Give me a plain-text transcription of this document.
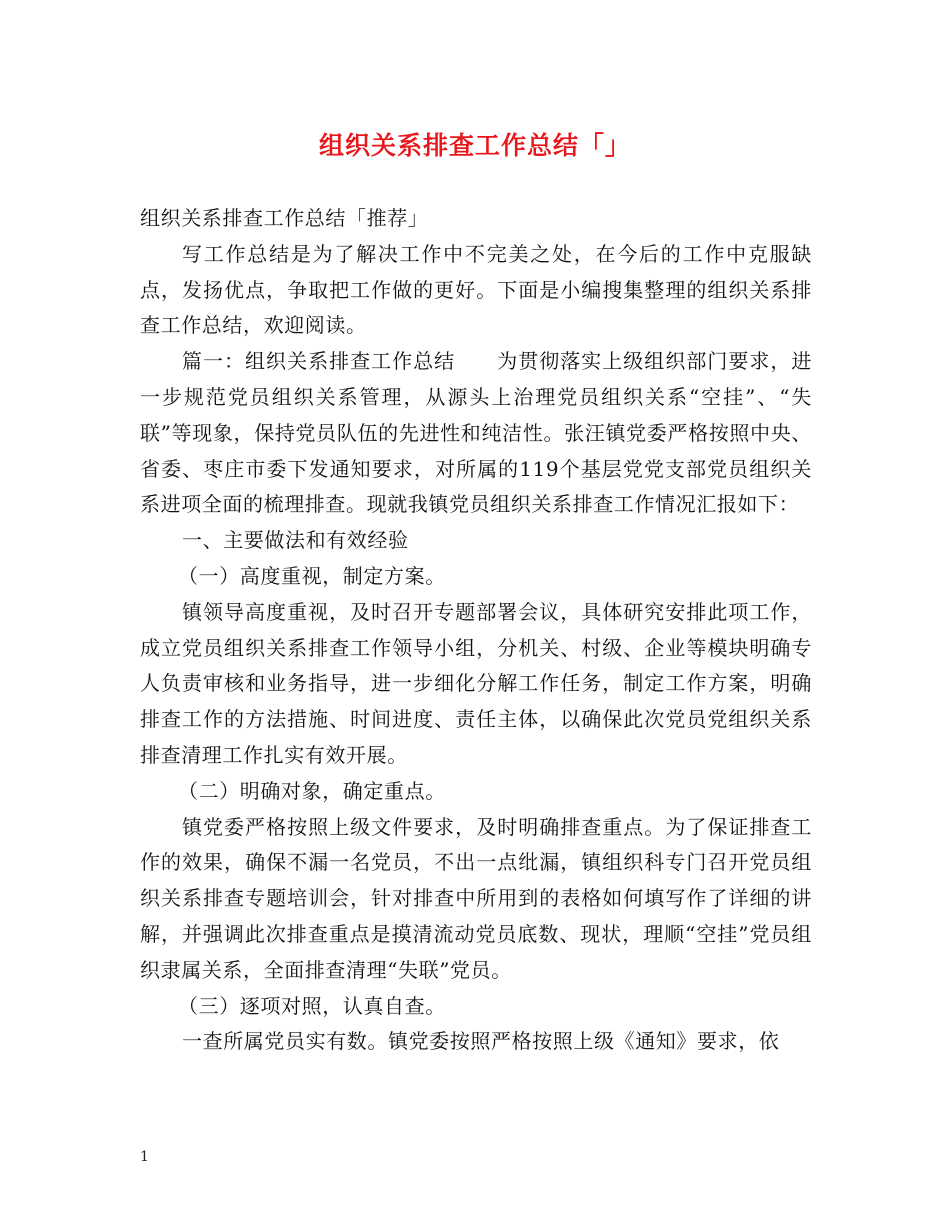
组织关系排查工作总结「」

组织关系排查工作总结「推荐」

写工作总结是为了解决工作中不完美之处，在今后的工作中克服缺点，发扬优点，争取把工作做的更好。下面是小编搜集整理的组织关系排查工作总结，欢迎阅读。

篇一：组织关系排查工作总结　　为贯彻落实上级组织部门要求，进一步规范党员组织关系管理，从源头上治理党员组织关系“空挂”、“失联”等现象，保持党员队伍的先进性和纯洁性。张汪镇党委严格按照中央、省委、枣庄市委下发通知要求，对所属的119个基层党党支部党员组织关系进项全面的梳理排查。现就我镇党员组织关系排查工作情况汇报如下：

一、主要做法和有效经验

（一）高度重视，制定方案。

镇领导高度重视，及时召开专题部署会议，具体研究安排此项工作，成立党员组织关系排查工作领导小组，分机关、村级、企业等模块明确专人负责审核和业务指导，进一步细化分解工作任务，制定工作方案，明确排查工作的方法措施、时间进度、责任主体，以确保此次党员党组织关系排查清理工作扎实有效开展。

（二）明确对象，确定重点。

镇党委严格按照上级文件要求，及时明确排查重点。为了保证排查工作的效果，确保不漏一名党员，不出一点纰漏，镇组织科专门召开党员组织关系排查专题培训会，针对排查中所用到的表格如何填写作了详细的讲解，并强调此次排查重点是摸清流动党员底数、现状，理顺“空挂”党员组织隶属关系，全面排查清理“失联”党员。

（三）逐项对照，认真自查。

一查所属党员实有数。镇党委按照严格按照上级《通知》要求，依

1
